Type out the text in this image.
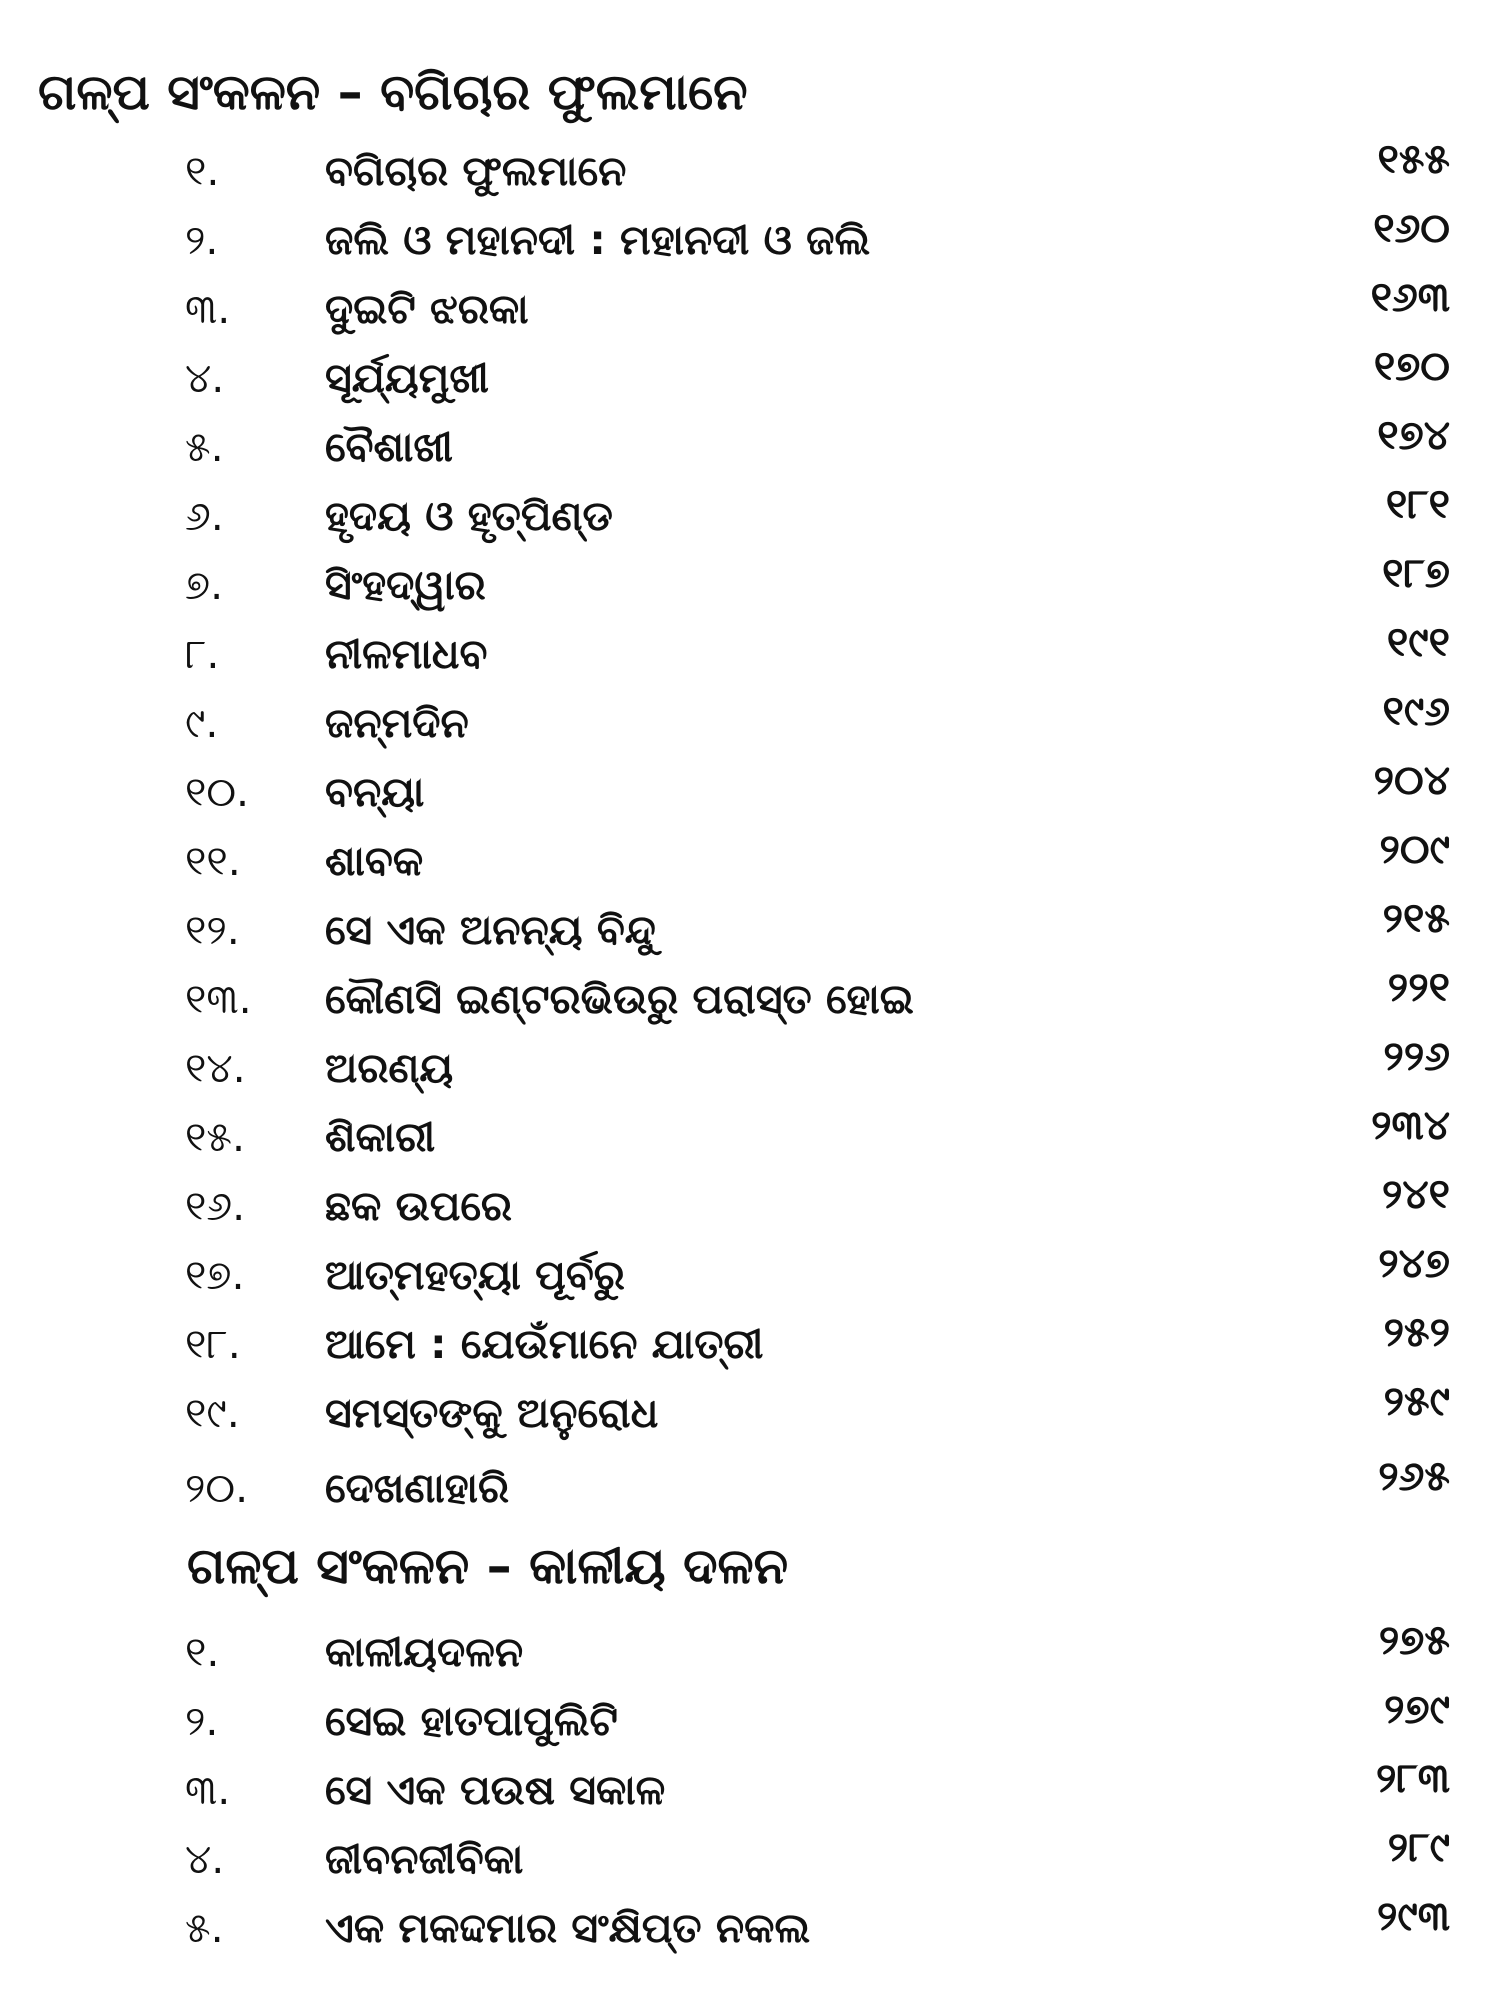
ଗଳ୍ପ ସଂକଳନ – ବଗିଚାର ଫୁଲମାନେ
୧.	ବଗିଚାର ଫୁଲମାନେ	୧୫୫
୨.	ଜଲି ଓ ମହାନଦୀ : ମହାନଦୀ ଓ ଜଲି	୧୬୦
୩. ଦୁଇଟି ଝରକା	୧୬୩
୪. ସୂର୍ଯ୍ୟମୁଖୀ	୧୭୦
୫. ବୈଶାଖୀ	୧୭୪
୬. ହୃଦୟ ଓ ହୃତ୍‌ପିଣ୍ଡ	୧୮୧
୭. ସିଂହଦ୍ୱାର	୧୮୭
୮.	ନୀଳମାଧବ	୧୯୧
୯.	ଜନ୍ମଦିନ	୧୯୬
୧୦. ବନ୍ୟା	୨୦୪
୧୧. ଶାବକ	୨୦୯
୧୨. ସେ ଏକ ଅନନ୍ୟ ବିନ୍ଦୁ	୨୧୫
୧୩. କୌଣସି ଇଣ୍ଟରଭିଉରୁ ପରାସ୍ତ ହୋଇ	୨୨୧
୧୪. ଅରଣ୍ୟ	୨୨୬
୧୫. ଶିକାରୀ	୨୩୪
୧୬. ଛକ ଉପରେ	୨୪୧
୧୭. ଆତ୍ମହତ୍ୟା ପୂର୍ବରୁ	୨୪୭
୧୮. ଆମେ : ଯେଉଁମାନେ ଯାତ୍ରୀ	୨୫୨
୧୯. ସମସ୍ତଙ୍କୁ ଅନୁରୋଧ	୨୫୯
୨୦. ଦେଖଣାହାରି	୨୬୫
ଗଳ୍ପ ସଂକଳନ – କାଳୀୟ ଦଳନ
୧.	କାଳୀୟଦଳନ	୨୭୫
୨.	ସେଇ ହାତପାପୁଲିଟି	୨୭୯
୩. ସେ ଏକ ପଉଷ ସକାଳ	୨୮୩
୪. ଜୀବନଜୀବିକା	୨୮୯
୫. ଏକ ମକଦ୍ଦମାର ସଂକ୍ଷିପ୍ତ ନକଲ	୨୯୩
